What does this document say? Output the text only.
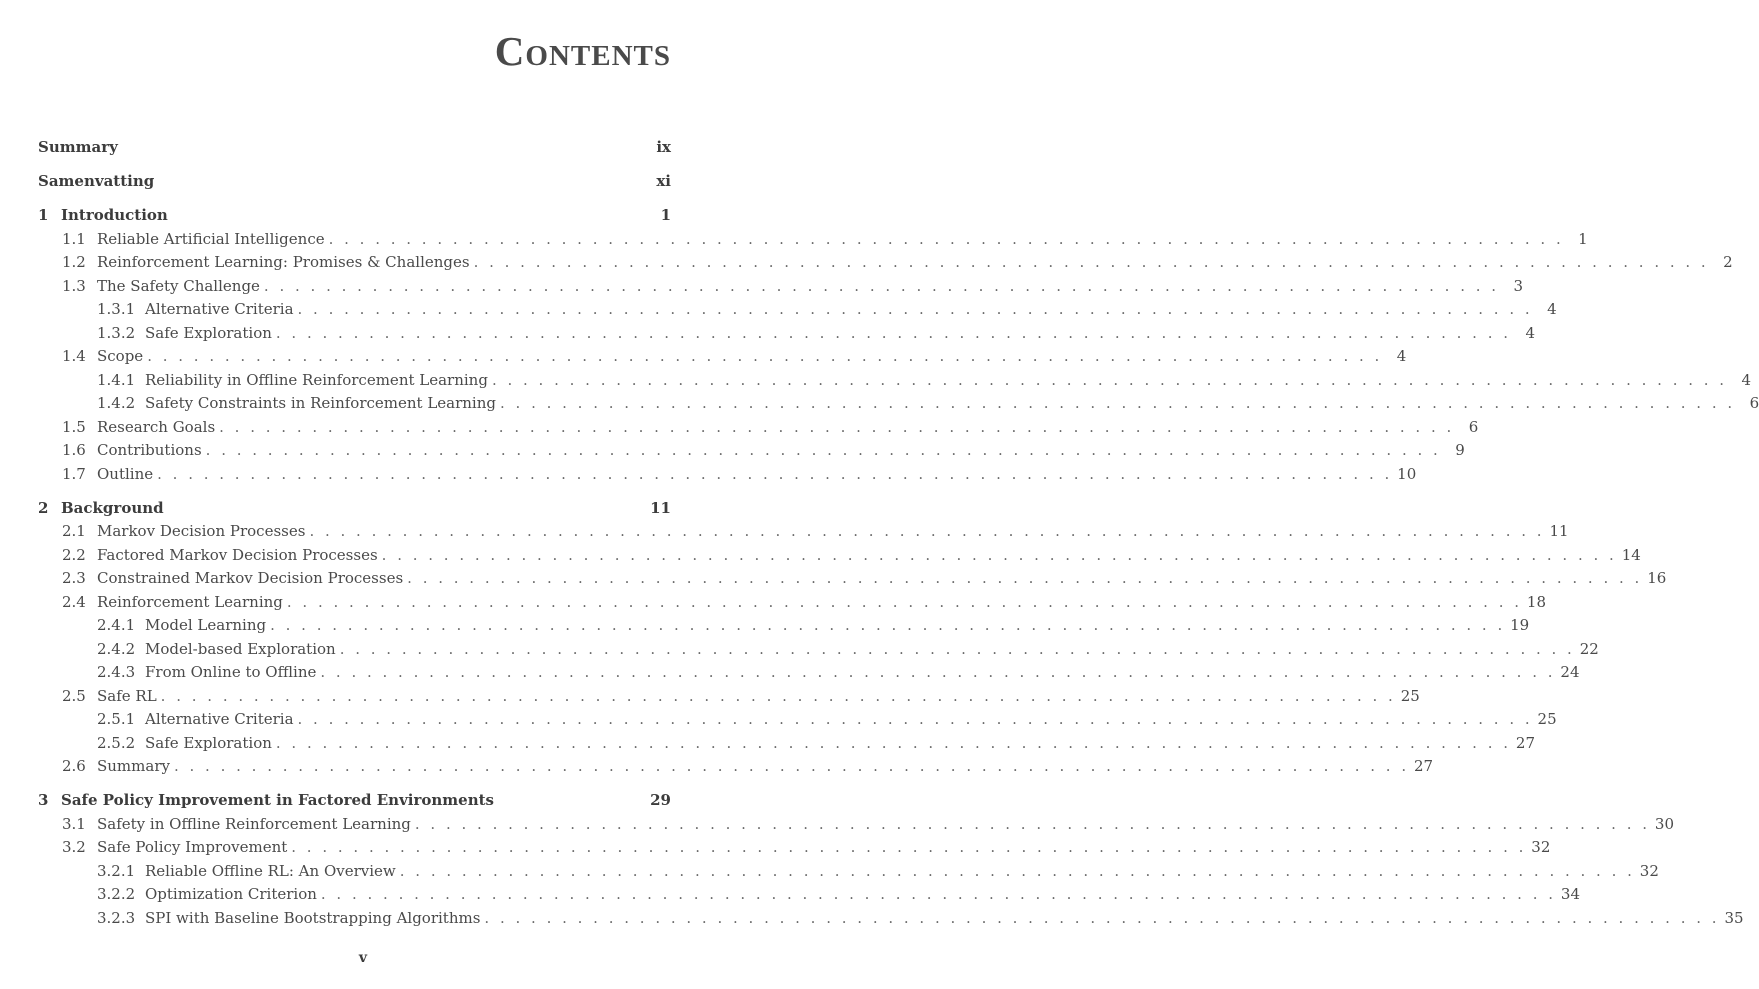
Contents
Summary	ix
Samenvatting	xi
1 Introduction	1
1.1 Reliable Artificial Intelligence . . . . . . . . . . . . . . . . . . . . . . . . . . . . . . . . . . . . . . . . . . . . . . . . . . . . . . . . . . . . . . . . . . . . . . . . . . . . . . . . 1
1.2 Reinforcement Learning: Promises & Challenges . . . . . . . . . . . . . . . . . . . . . . . . . . . . . . . . . . . . . . . . . . . . . . . . . . . . . . . . . . . . . . . . . . . . . . . . . . . . . . . . 2
1.3 The Safety Challenge . . . . . . . . . . . . . . . . . . . . . . . . . . . . . . . . . . . . . . . . . . . . . . . . . . . . . . . . . . . . . . . . . . . . . . . . . . . . . . . . 3
1.3.1 Alternative Criteria . . . . . . . . . . . . . . . . . . . . . . . . . . . . . . . . . . . . . . . . . . . . . . . . . . . . . . . . . . . . . . . . . . . . . . . . . . . . . . . . 4
1.3.2 Safe Exploration . . . . . . . . . . . . . . . . . . . . . . . . . . . . . . . . . . . . . . . . . . . . . . . . . . . . . . . . . . . . . . . . . . . . . . . . . . . . . . . . 4
1.4 Scope . . . . . . . . . . . . . . . . . . . . . . . . . . . . . . . . . . . . . . . . . . . . . . . . . . . . . . . . . . . . . . . . . . . . . . . . . . . . . . . . 4
1.4.1 Reliability in Offline Reinforcement Learning . . . . . . . . . . . . . . . . . . . . . . . . . . . . . . . . . . . . . . . . . . . . . . . . . . . . . . . . . . . . . . . . . . . . . . . . . . . . . . . . 4
1.4.2 Safety Constraints in Reinforcement Learning . . . . . . . . . . . . . . . . . . . . . . . . . . . . . . . . . . . . . . . . . . . . . . . . . . . . . . . . . . . . . . . . . . . . . . . . . . . . . . . . 6
1.5 Research Goals . . . . . . . . . . . . . . . . . . . . . . . . . . . . . . . . . . . . . . . . . . . . . . . . . . . . . . . . . . . . . . . . . . . . . . . . . . . . . . . . 6
1.6 Contributions . . . . . . . . . . . . . . . . . . . . . . . . . . . . . . . . . . . . . . . . . . . . . . . . . . . . . . . . . . . . . . . . . . . . . . . . . . . . . . . . 9
1.7 Outline . . . . . . . . . . . . . . . . . . . . . . . . . . . . . . . . . . . . . . . . . . . . . . . . . . . . . . . . . . . . . . . . . . . . . . . . . . . . . . . . 10
2 Background	11
2.1 Markov Decision Processes . . . . . . . . . . . . . . . . . . . . . . . . . . . . . . . . . . . . . . . . . . . . . . . . . . . . . . . . . . . . . . . . . . . . . . . . . . . . . . . . 11
2.2 Factored Markov Decision Processes . . . . . . . . . . . . . . . . . . . . . . . . . . . . . . . . . . . . . . . . . . . . . . . . . . . . . . . . . . . . . . . . . . . . . . . . . . . . . . . . 14
2.3 Constrained Markov Decision Processes . . . . . . . . . . . . . . . . . . . . . . . . . . . . . . . . . . . . . . . . . . . . . . . . . . . . . . . . . . . . . . . . . . . . . . . . . . . . . . . . 16
2.4 Reinforcement Learning . . . . . . . . . . . . . . . . . . . . . . . . . . . . . . . . . . . . . . . . . . . . . . . . . . . . . . . . . . . . . . . . . . . . . . . . . . . . . . . . 18
2.4.1 Model Learning . . . . . . . . . . . . . . . . . . . . . . . . . . . . . . . . . . . . . . . . . . . . . . . . . . . . . . . . . . . . . . . . . . . . . . . . . . . . . . . . 19
2.4.2 Model-based Exploration . . . . . . . . . . . . . . . . . . . . . . . . . . . . . . . . . . . . . . . . . . . . . . . . . . . . . . . . . . . . . . . . . . . . . . . . . . . . . . . . 22
2.4.3 From Online to Offline . . . . . . . . . . . . . . . . . . . . . . . . . . . . . . . . . . . . . . . . . . . . . . . . . . . . . . . . . . . . . . . . . . . . . . . . . . . . . . . . 24
2.5 Safe RL . . . . . . . . . . . . . . . . . . . . . . . . . . . . . . . . . . . . . . . . . . . . . . . . . . . . . . . . . . . . . . . . . . . . . . . . . . . . . . . . 25
2.5.1 Alternative Criteria . . . . . . . . . . . . . . . . . . . . . . . . . . . . . . . . . . . . . . . . . . . . . . . . . . . . . . . . . . . . . . . . . . . . . . . . . . . . . . . . 25
2.5.2 Safe Exploration . . . . . . . . . . . . . . . . . . . . . . . . . . . . . . . . . . . . . . . . . . . . . . . . . . . . . . . . . . . . . . . . . . . . . . . . . . . . . . . . 27
2.6 Summary . . . . . . . . . . . . . . . . . . . . . . . . . . . . . . . . . . . . . . . . . . . . . . . . . . . . . . . . . . . . . . . . . . . . . . . . . . . . . . . . 27
3 Safe Policy Improvement in Factored Environments	29
3.1 Safety in Offline Reinforcement Learning . . . . . . . . . . . . . . . . . . . . . . . . . . . . . . . . . . . . . . . . . . . . . . . . . . . . . . . . . . . . . . . . . . . . . . . . . . . . . . . . 30
3.2 Safe Policy Improvement . . . . . . . . . . . . . . . . . . . . . . . . . . . . . . . . . . . . . . . . . . . . . . . . . . . . . . . . . . . . . . . . . . . . . . . . . . . . . . . . 32
3.2.1 Reliable Offline RL: An Overview . . . . . . . . . . . . . . . . . . . . . . . . . . . . . . . . . . . . . . . . . . . . . . . . . . . . . . . . . . . . . . . . . . . . . . . . . . . . . . . . 32
3.2.2 Optimization Criterion . . . . . . . . . . . . . . . . . . . . . . . . . . . . . . . . . . . . . . . . . . . . . . . . . . . . . . . . . . . . . . . . . . . . . . . . . . . . . . . . 34
3.2.3 SPI with Baseline Bootstrapping Algorithms . . . . . . . . . . . . . . . . . . . . . . . . . . . . . . . . . . . . . . . . . . . . . . . . . . . . . . . . . . . . . . . . . . . . . . . . . . . . . . . . 35
v
